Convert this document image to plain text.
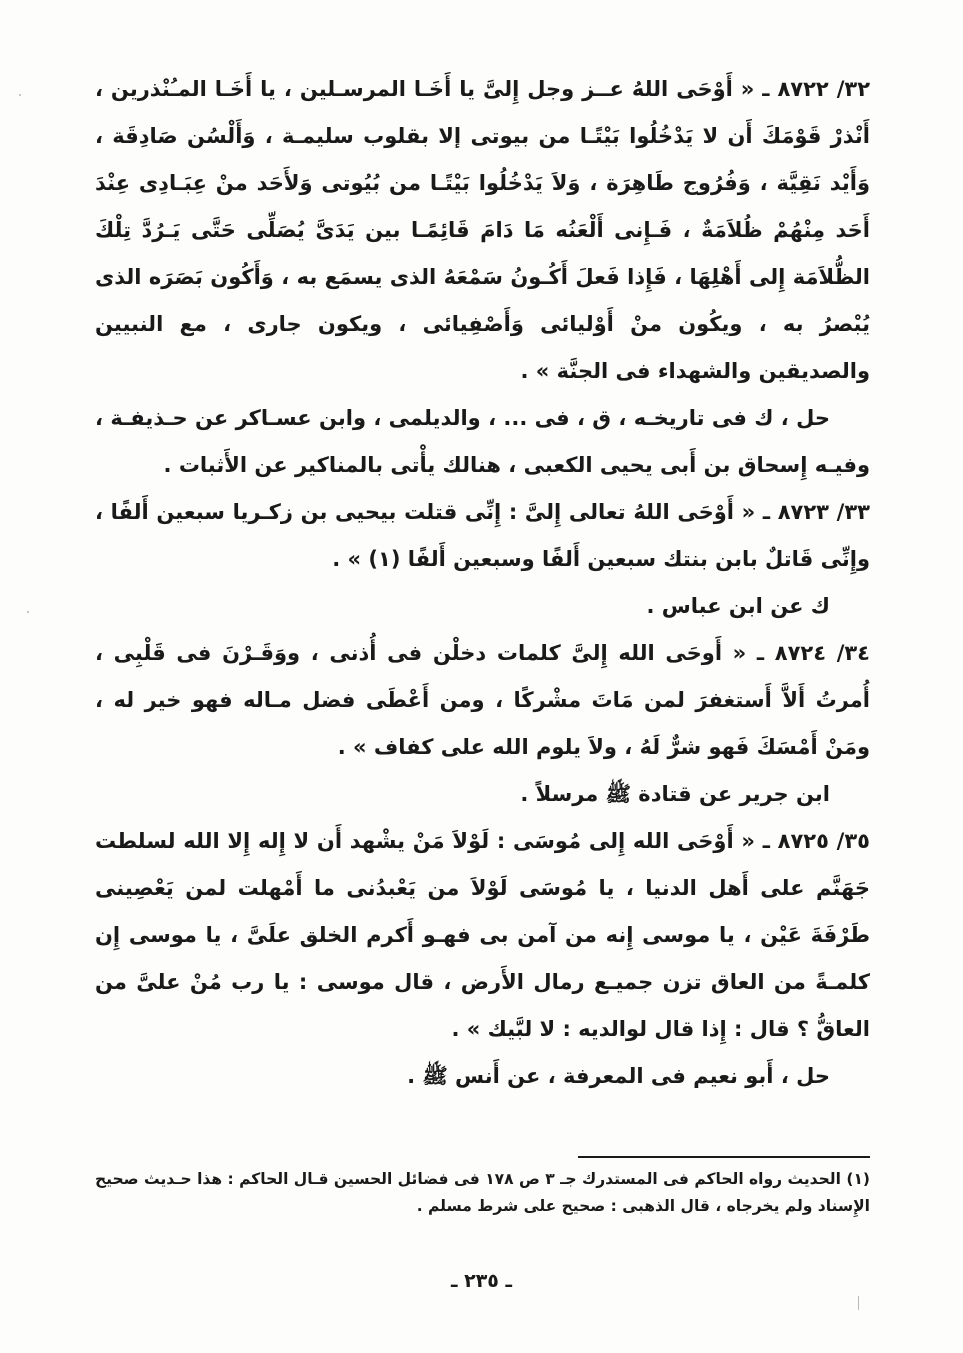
٣٢/ ٨٧٢٢ ـ « أَوْحَى اللهُ عــز وجل إِلىَّ يا أَخَـا المرسـلين ، يا أَخَـا المـُنْذرين ، أَنْذرْ قَوْمَكَ أَن لا يَدْخُلُوا بَيْتًـا من بيوتى إلا بقلوب سليمـة ، وَأَلْسُن صَادِقَة ، وَأَيْد نَقِيَّة ، وَفُرُوج طَاهِرَة ، وَلاَ يَدْخُلُوا بَيْتًـا من بُيُوتى وَلأَحَد منْ عِبَـادِى عِنْدَ أَحَد مِنْهُمْ ظُلاَمَةٌ ، فَـإِنى أَلْعَنُه مَا دَامَ قَائِمًـا بين يَدَىَّ يُصَلِّى حَتَّى يَـرُدَّ تِلْكَ الظُّلاَمَة إِلى أَهْلِهَا ، فَإِذا فَعلَ أَكُـونُ سَمْعَهُ الذى يسمَع به ، وَأَكُون بَصَرَه الذى يُبْصرُ به ، ويكُون منْ أَوْليائى وَأَصْفِيائى ، ويكون جارى ، مع النبيين والصديقين والشهداء فى الجنَّة » .

حل ، ك فى تاريخـه ، ق ، فى ... ، والديلمى ، وابن عسـاكر عن حـذيفـة ، وفيـه إِسحاق بن أَبى يحيى الكعبى ، هنالك يأْتى بالمناكير عن الأَثبات .

٣٣/ ٨٧٢٣ ـ « أَوْحَى اللهُ تعالى إِلىَّ : إِنِّى قتلت بيحيى بن زكـريا سبعين أَلفًا ، وإِنِّى قَاتلٌ بابن بنتك سبعين أَلفًا وسبعين أَلفًا (١) » .

ك عن ابن عباس .

٣٤/ ٨٧٢٤ ـ « أَوحَى الله إِلىَّ كلمات دخلْن فى أُذنى ، ووَقَـرْنَ فى قَلْبِى ، أُمرتُ أَلاَّ أَستغفرَ لمن مَاتَ مشْركًا ، ومن أَعْطَى فضل مـاله فهو خير له ، ومَنْ أَمْسَكَ فَهو شرٌّ لَهُ ، ولاَ يلوم الله على كفاف » .

ابن جرير عن قتادة ﷺ مرسلاً .

٣٥/ ٨٧٢٥ ـ « أَوْحَى الله إِلى مُوسَى : لَوْلاَ مَنْ يشْهد أَن لا إِله إِلا الله لسلطت جَهَنَّم على أَهل الدنيا ، يا مُوسَى لَوْلاَ من يَعْبدُنى ما أَمْهلت لمن يَعْصِينى طَرْفَةَ عَيْن ، يا موسى إِنه من آمن بى فهـو أَكرم الخلق علَىَّ ، يا موسى إِن كلمـةً من العاق تزن جميـع رمال الأَرض ، قال موسى : يا رب مُنْ علىَّ من العاقُّ ؟ قال : إِذا قال لوالديه : لا لبَّيك » .

حل ، أَبو نعيم فى المعرفة ، عن أَنس ﷺ .

(١) الحديث رواه الحاكم فى المستدرك جـ ٣ ص ١٧٨ فى فضائل الحسين قـال الحاكم : هذا حـديث صحيح الإِسناد ولم يخرجاه ، قال الذهبى : صحيح على شرط مسلم .
ـ ٢٣٥ ـ
